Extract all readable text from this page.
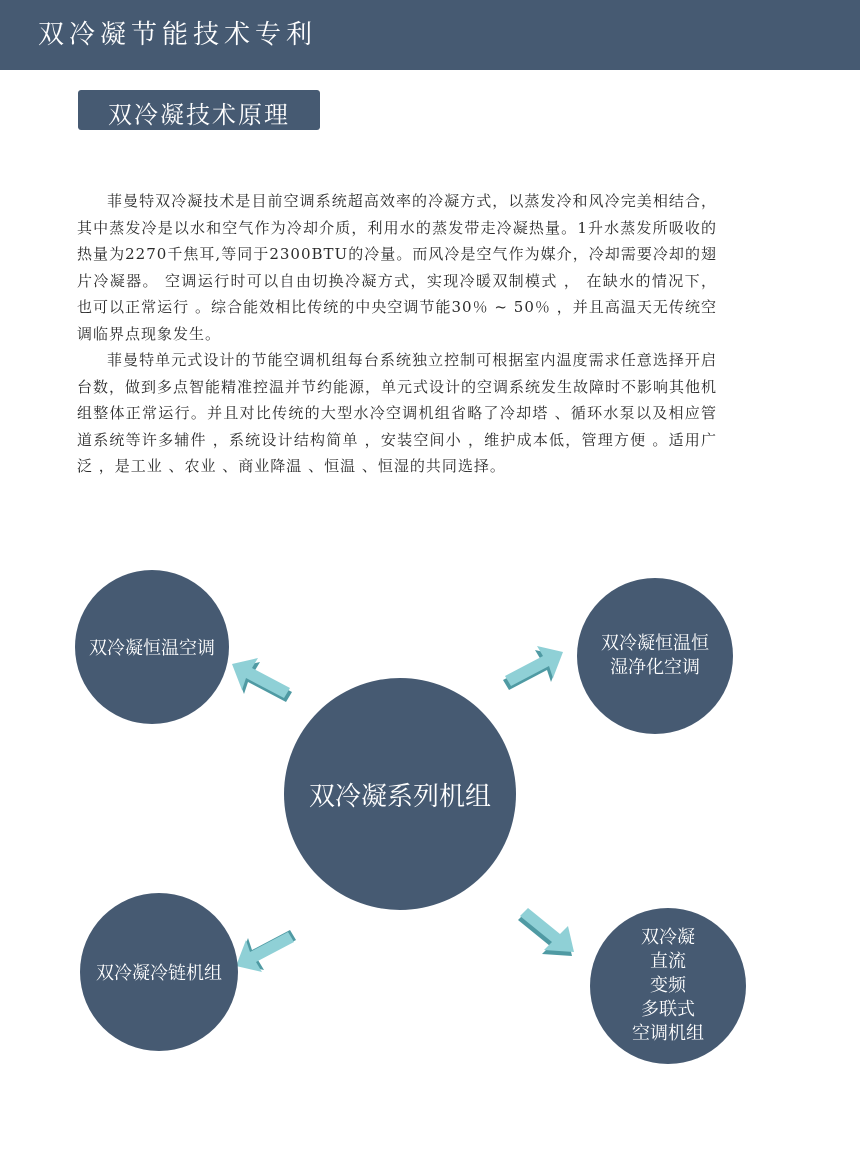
双冷凝节能技术专利
双冷凝技术原理

菲曼特双冷凝技术是目前空调系统超高效率的冷凝方式，以蒸发冷和风冷完美相结合，其中蒸发冷是以水和空气作为冷却介质，利用水的蒸发带走冷凝热量。1升水蒸发所吸收的热量为2270千焦耳,等同于2300BTU的冷量。而风冷是空气作为媒介，冷却需要冷却的翅片冷凝器。 空调运行时可以自由切换冷凝方式，实现冷暖双制模式 ， 在缺水的情况下， 也可以正常运行 。综合能效相比传统的中央空调节能30％ ~ 50％ ，并且高温天无传统空调临界点现象发生。

菲曼特单元式设计的节能空调机组每台系统独立控制可根据室内温度需求任意选择开启台数，做到多点智能精准控温并节约能源，单元式设计的空调系统发生故障时不影响其他机组整体正常运行。并且对比传统的大型水冷空调机组省略了冷却塔 、循环水泵以及相应管道系统等许多辅件 ，系统设计结构简单 ，安装空间小 ，维护成本低，管理方便 。适用广泛 ，是工业 、农业 、商业降温 、恒温 、恒湿的共同选择。

双冷凝系列机组
双冷凝恒温空调	双冷凝恒温恒
湿净化空调
双冷凝冷链机组
双冷凝
直流
变频
多联式
空调机组
